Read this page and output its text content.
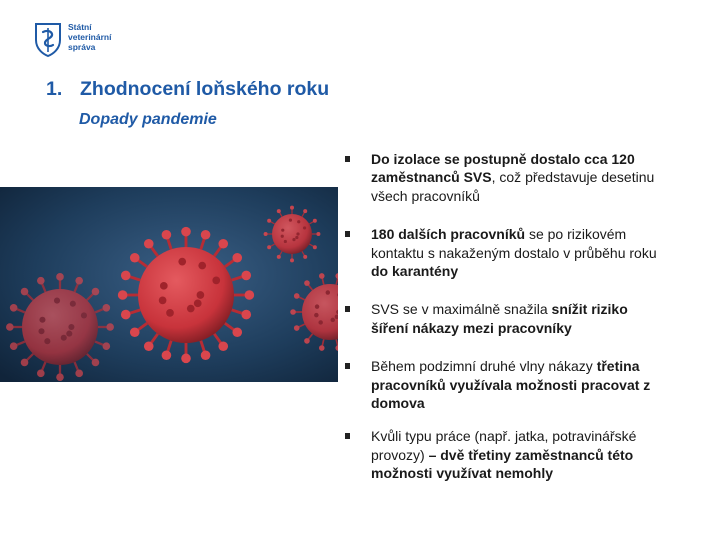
Státní
veterinární
správa
1. Zhodnocení loňského roku
Dopady pandemie
Do izolace se postupně dostalo cca 120 zaměstnanců SVS, což představuje desetinu všech pracovníků
180 dalších pracovníků se po rizikovém kontaktu s nakaženým dostalo v průběhu roku do karantény
SVS se v maximálně snažila snížit riziko šíření nákazy mezi pracovníky
Během podzimní druhé vlny nákazy třetina pracovníků využívala možnosti pracovat z domova
Kvůli typu práce (např. jatka, potravinářské provozy) – dvě třetiny zaměstnanců této možnosti využívat nemohly
